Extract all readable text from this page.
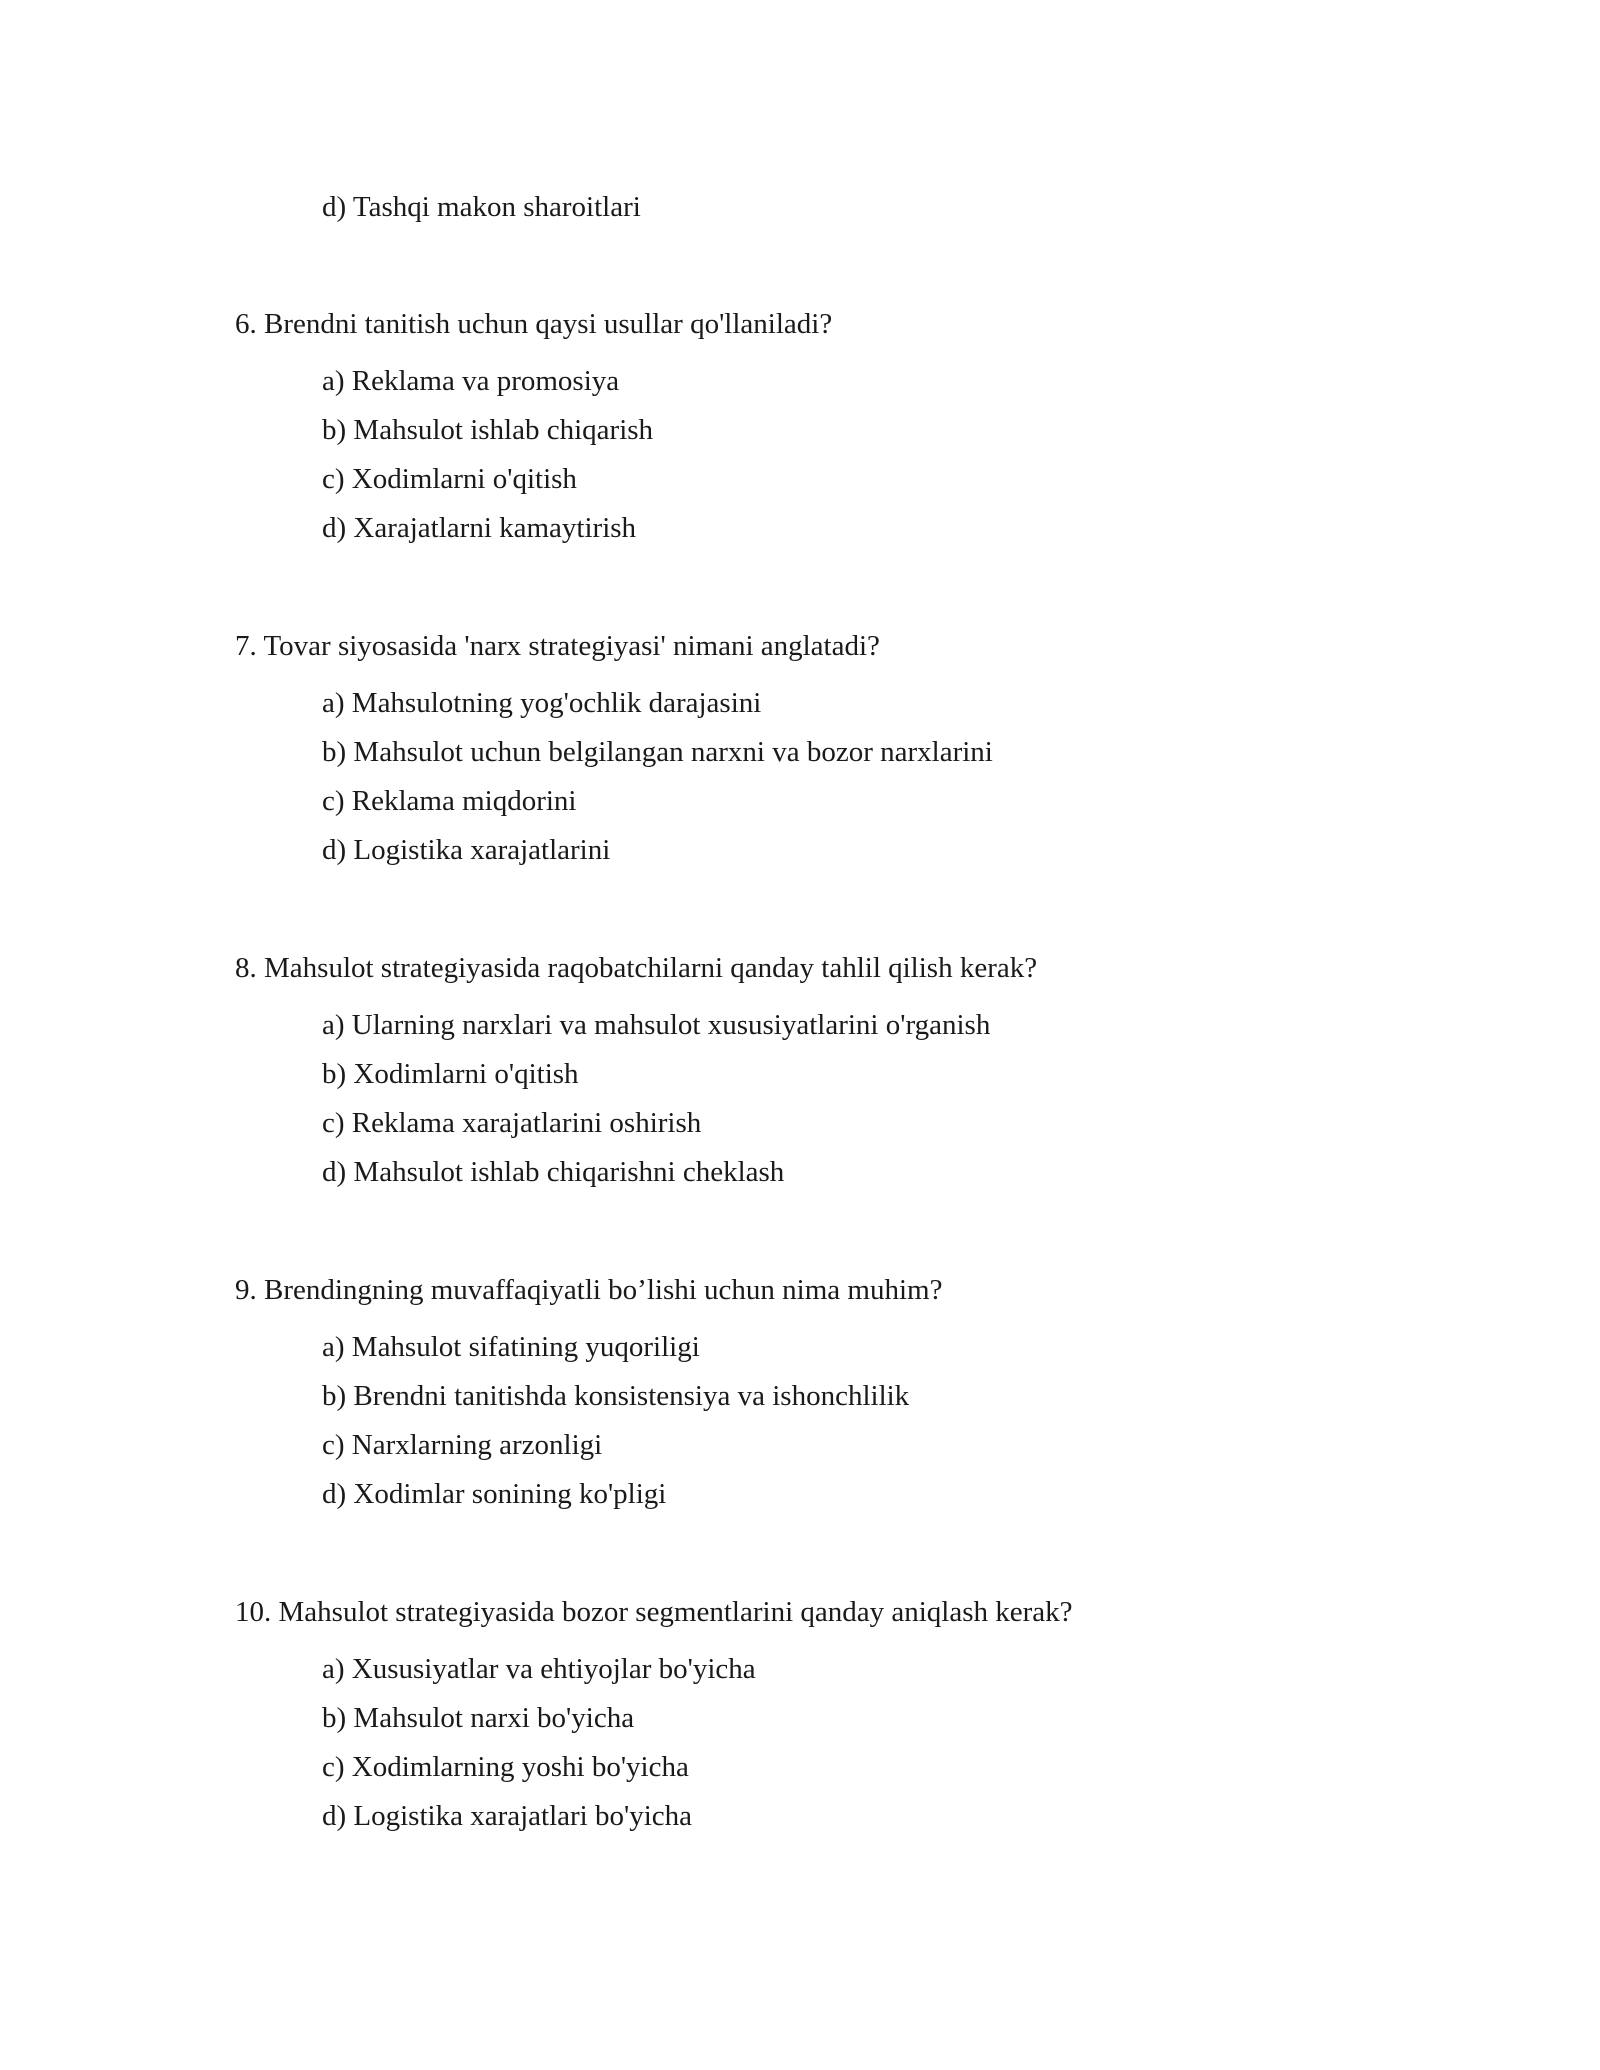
d) Tashqi makon sharoitlari
6. Brendni tanitish uchun qaysi usullar qo'llaniladi?
a) Reklama va promosiya
b) Mahsulot ishlab chiqarish
c) Xodimlarni o'qitish
d) Xarajatlarni kamaytirish
7. Tovar siyosasida 'narx strategiyasi' nimani anglatadi?
a) Mahsulotning yog'ochlik darajasini
b) Mahsulot uchun belgilangan narxni va bozor narxlarini
c) Reklama miqdorini
d) Logistika xarajatlarini
8. Mahsulot strategiyasida raqobatchilarni qanday tahlil qilish kerak?
a) Ularning narxlari va mahsulot xususiyatlarini o'rganish
b) Xodimlarni o'qitish
c) Reklama xarajatlarini oshirish
d) Mahsulot ishlab chiqarishni cheklash
9. Brendingning muvaffaqiyatli bo’lishi uchun nima muhim?
a) Mahsulot sifatining yuqoriligi
b) Brendni tanitishda konsistensiya va ishonchlilik
c) Narxlarning arzonligi
d) Xodimlar sonining ko'pligi
10. Mahsulot strategiyasida bozor segmentlarini qanday aniqlash kerak?
a) Xususiyatlar va ehtiyojlar bo'yicha
b) Mahsulot narxi bo'yicha
c) Xodimlarning yoshi bo'yicha
d) Logistika xarajatlari bo'yicha
